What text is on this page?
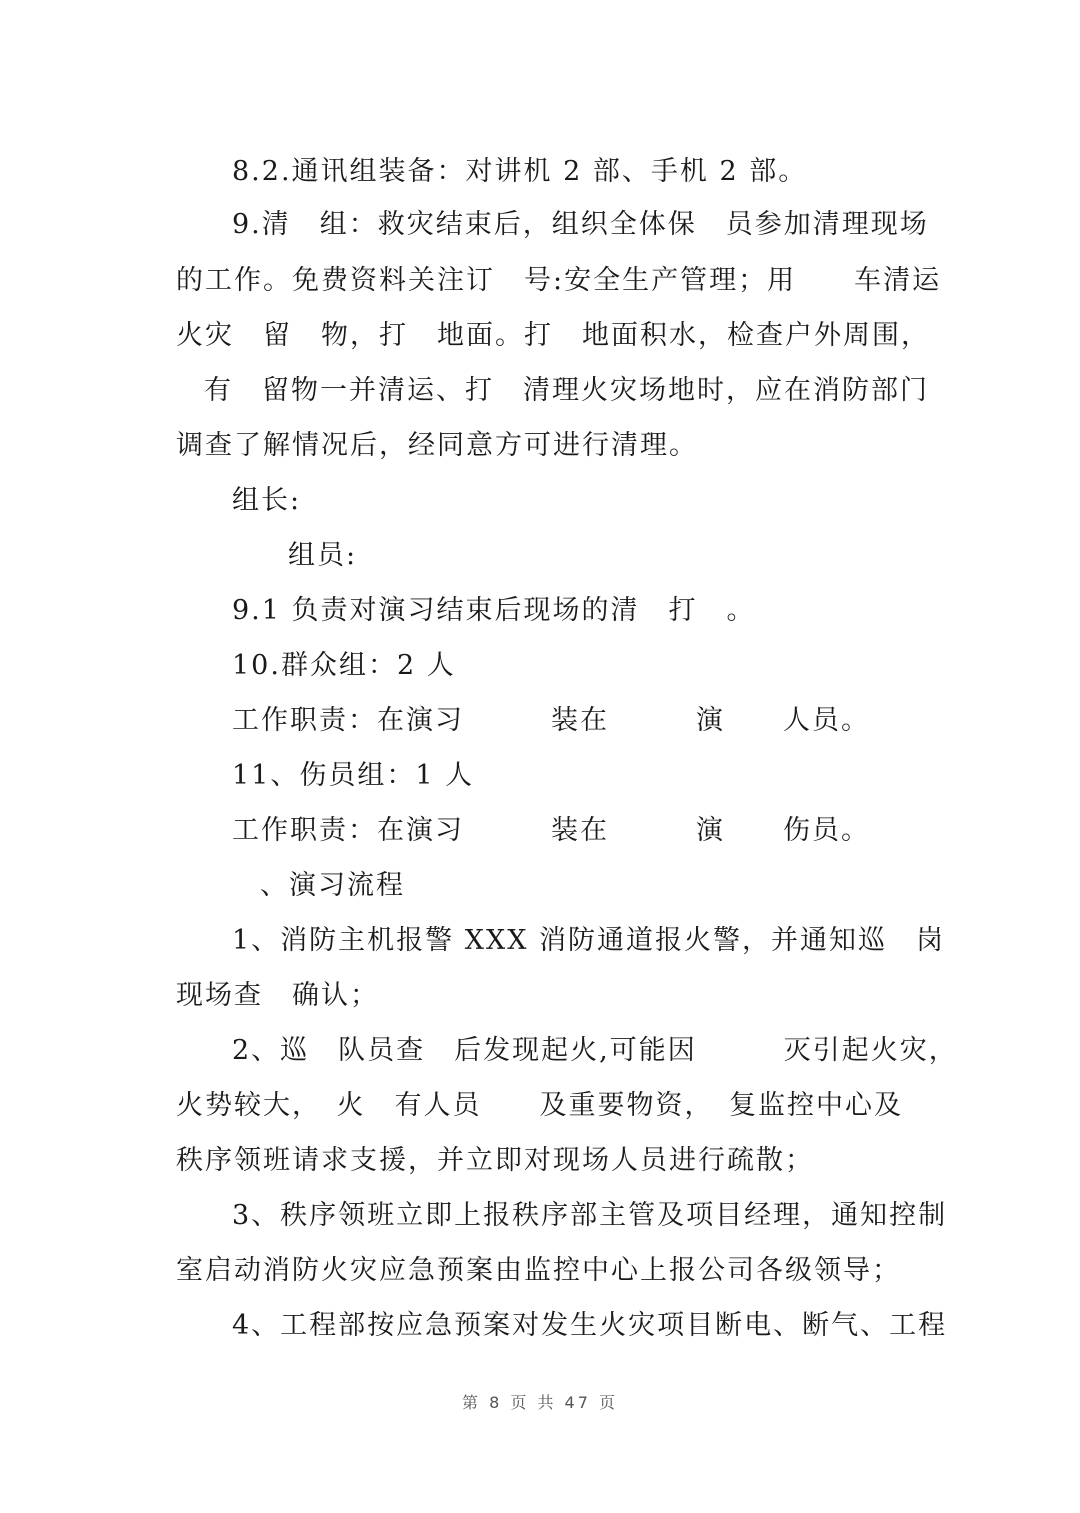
8.2.通讯组装备：对讲机 2 部、手机 2 部。
9.清　组：救灾结束后，组织全体保　员参加清理现场
的工作。免费资料关注订　号:安全生产管理；用　　车清运
火灾　留　物，打　地面。打　地面积水，检查户外周围，
有　留物一并清运、打　清理火灾场地时，应在消防部门
调查了解情况后，经同意方可进行清理。
组长:
组员:
9.1 负责对演习结束后现场的清　打　。
10.群众组：2 人
工作职责：在演习　　　装在　　　演　　人员。
11、伤员组：1 人
工作职责：在演习　　　装在　　　演　　伤员。
、演习流程
1、消防主机报警 XXX 消防通道报火警，并通知巡　岗
现场查　确认；
2、巡　队员查　后发现起火,可能因　　　灭引起火灾，
火势较大，　火　有人员　　及重要物资，　复监控中心及
秩序领班请求支援，并立即对现场人员进行疏散；
3、秩序领班立即上报秩序部主管及项目经理，通知控制
室启动消防火灾应急预案由监控中心上报公司各级领导；
4、工程部按应急预案对发生火灾项目断电、断气、工程
第 8 页 共 47 页
